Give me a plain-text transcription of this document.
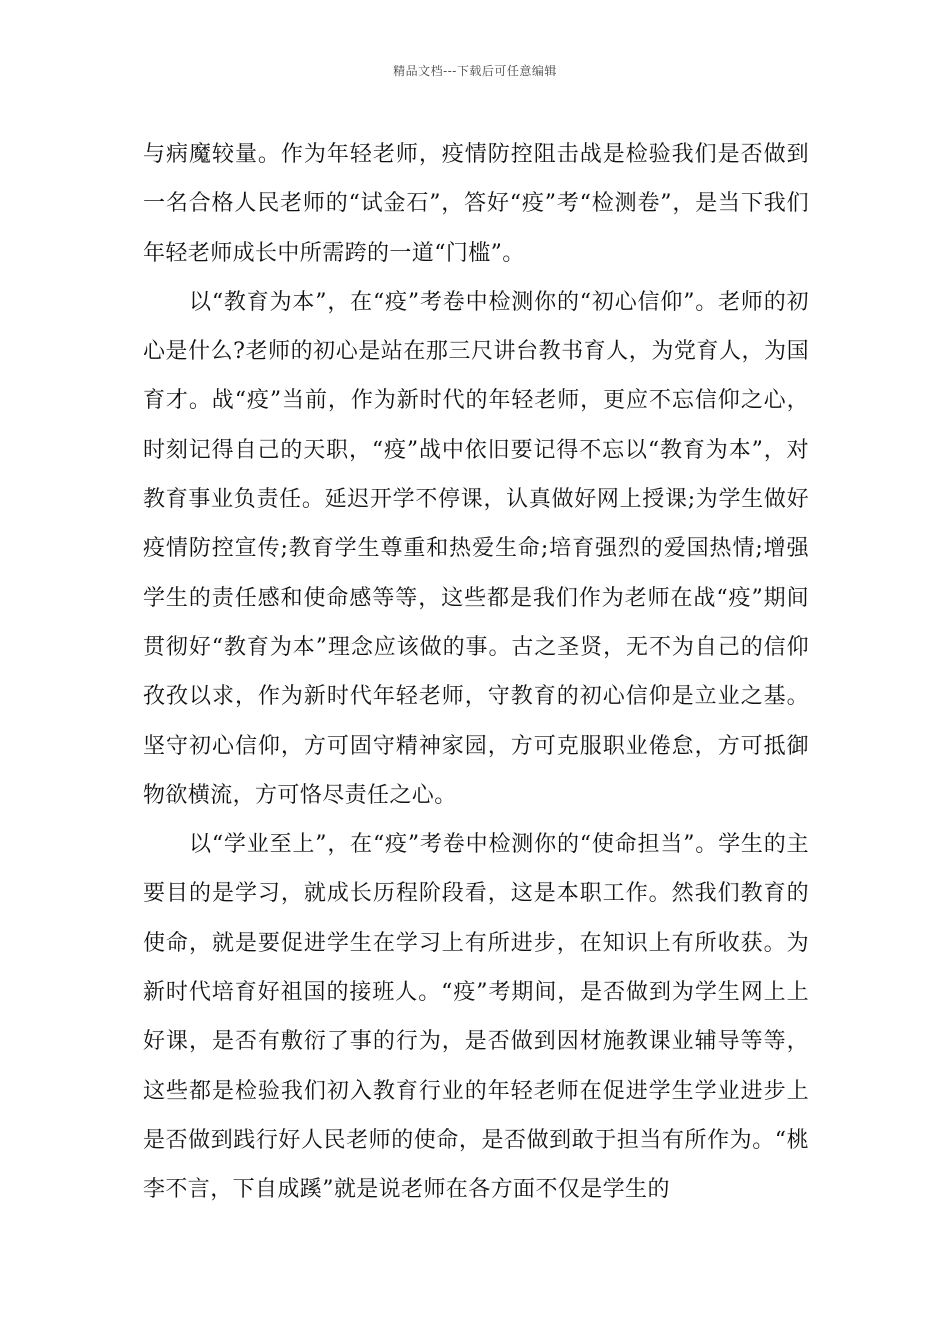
精品文档---下载后可任意编辑

与病魔较量。作为年轻老师，疫情防控阻击战是检验我们是否做到一名合格人民老师的“试金石”，答好“疫”考“检测卷”，是当下我们年轻老师成长中所需跨的一道“门槛”。

以“教育为本”，在“疫”考卷中检测你的“初心信仰”。老师的初心是什么?老师的初心是站在那三尺讲台教书育人，为党育人，为国育才。战“疫”当前，作为新时代的年轻老师，更应不忘信仰之心，时刻记得自己的天职，“疫”战中依旧要记得不忘以“教育为本”，对教育事业负责任。延迟开学不停课，认真做好网上授课;为学生做好疫情防控宣传;教育学生尊重和热爱生命;培育强烈的爱国热情;增强学生的责任感和使命感等等，这些都是我们作为老师在战“疫”期间贯彻好“教育为本”理念应该做的事。古之圣贤，无不为自己的信仰孜孜以求，作为新时代年轻老师，守教育的初心信仰是立业之基。坚守初心信仰，方可固守精神家园，方可克服职业倦怠，方可抵御物欲横流，方可恪尽责任之心。

以“学业至上”，在“疫”考卷中检测你的“使命担当”。学生的主要目的是学习，就成长历程阶段看，这是本职工作。然我们教育的使命，就是要促进学生在学习上有所进步，在知识上有所收获。为新时代培育好祖国的接班人。“疫”考期间，是否做到为学生网上上好课，是否有敷衍了事的行为，是否做到因材施教课业辅导等等，这些都是检验我们初入教育行业的年轻老师在促进学生学业进步上是否做到践行好人民老师的使命，是否做到敢于担当有所作为。“桃李不言，下自成蹊”就是说老师在各方面不仅是学生的
